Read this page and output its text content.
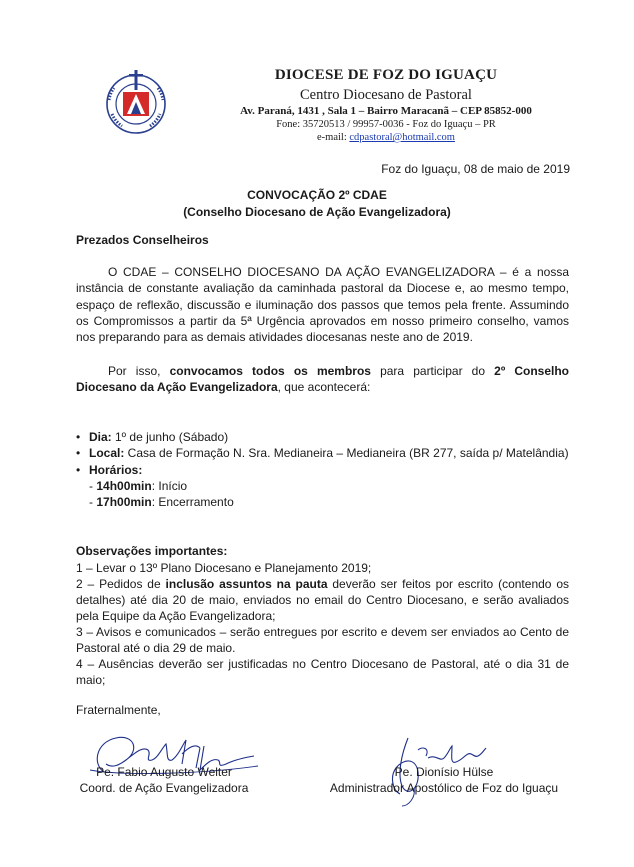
DIOCESE DE FOZ DO IGUAÇU
Centro Diocesano de Pastoral
Av. Paraná, 1431 , Sala 1 – Bairro Maracanã – CEP 85852-000
Fone: 35720513 / 99957-0036 - Foz do Iguaçu – PR
e-mail: cdpastoral@hotmail.com
Foz do Iguaçu, 08 de maio de 2019
CONVOCAÇÃO 2º CDAE
(Conselho Diocesano de Ação Evangelizadora)
Prezados Conselheiros

O CDAE – CONSELHO DIOCESANO DA AÇÃO EVANGELIZADORA – é a nossa instância de constante avaliação da caminhada pastoral da Diocese e, ao mesmo tempo, espaço de reflexão, discussão e iluminação dos passos que temos pela frente. Assumindo os Compromissos a partir da 5ª Urgência aprovados em nosso primeiro conselho, vamos nos preparando para as demais atividades diocesanas neste ano de 2019.

Por isso, convocamos todos os membros para participar do 2º Conselho Diocesano da Ação Evangelizadora, que acontecerá:

• Dia: 1º de junho (Sábado)
• Local: Casa de Formação N. Sra. Medianeira – Medianeira (BR 277, saída p/ Matelândia)
• Horários:
- 14h00min: Início
- 17h00min: Encerramento
Observações importantes:
1 – Levar o 13º Plano Diocesano e Planejamento 2019;
2 – Pedidos de inclusão assuntos na pauta deverão ser feitos por escrito (contendo os detalhes) até dia 20 de maio, enviados no email do Centro Diocesano, e serão avaliados pela Equipe da Ação Evangelizadora;
3 – Avisos e comunicados – serão entregues por escrito e devem ser enviados ao Cento de Pastoral até o dia 29 de maio.
4 – Ausências deverão ser justificadas no Centro Diocesano de Pastoral, até o dia 31 de maio;
Fraternalmente,
Pe. Fabio Augusto Welter
Coord. de Ação Evangelizadora
Pe. Dionísio Hülse
Administrador Apostólico de Foz do Iguaçu
